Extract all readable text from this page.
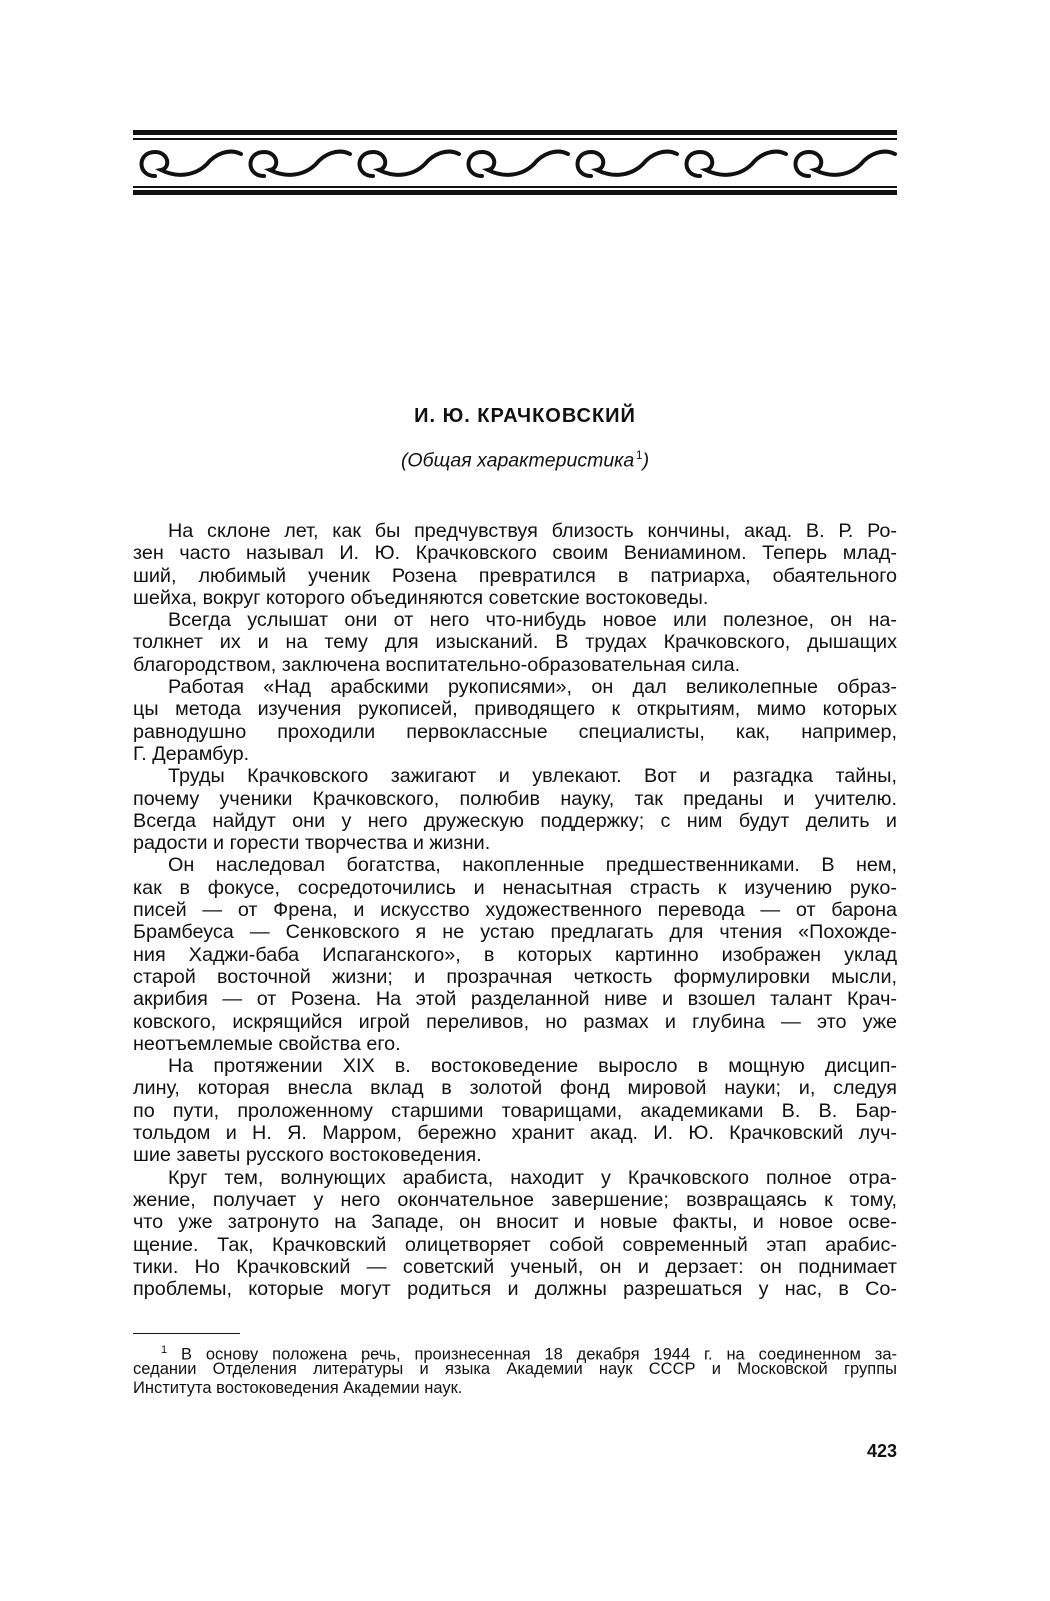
И. Ю. КРАЧКОВСКИЙ
(Общая характеристика  $^1$)
На склоне лет, как бы предчувствуя близость кончины, акад. В. Р. Ро-
зен часто называл И. Ю. Крачковского своим Вениамином. Теперь млад-
ший, любимый ученик Розена превратился в патриарха, обаятельного
шейха, вокруг которого объединяются советские востоковеды.
Всегда услышат они от него что-нибудь новое или полезное, он на-
толкнет их и на тему для изысканий. В трудах Крачковского, дышащих
благородством, заключена воспитательно-образовательная сила.
Работая «Над арабскими рукописями», он дал великолепные образ-
цы метода изучения рукописей, приводящего к открытиям, мимо которых
равнодушно проходили первоклассные специалисты, как, например,
Г. Дерамбур.
Труды Крачковского зажигают и увлекают. Вот и разгадка тайны,
почему ученики Крачковского, полюбив науку, так преданы и учителю.
Всегда найдут они у него дружескую поддержку; с ним будут делить и
радости и горести творчества и жизни.
Он наследовал богатства, накопленные предшественниками. В нем,
как в фокусе, сосредоточились и ненасытная страсть к изучению руко-
писей — от Френа, и искусство художественного перевода — от барона
Брамбеуса — Сенковского я не устаю предлагать для чтения «Похожде-
ния Хаджи-баба Испаганского», в которых картинно изображен уклад
старой восточной жизни; и прозрачная четкость формулировки мысли,
акрибия — от Розена. На этой разделанной ниве и взошел талант Крач-
ковского, искрящийся игрой переливов, но размах и глубина — это уже
неотъемлемые свойства его.
На протяжении XIX в. востоковедение выросло в мощную дисцип-
лину, которая внесла вклад в золотой фонд мировой науки; и, следуя
по пути, проложенному старшими товарищами, академиками В. В. Бар-
тольдом и Н. Я. Марром, бережно хранит акад. И. Ю. Крачковский луч-
шие заветы русского востоковедения.
Круг тем, волнующих арабиста, находит у Крачковского полное отра-
жение, получает у него окончательное завершение; возвращаясь к тому,
что уже затронуто на Западе, он вносит и новые факты, и новое осве-
щение. Так, Крачковский олицетворяет собой современный этап арабис-
тики. Но Крачковский — советский ученый, он и дерзает: он поднимает
проблемы, которые могут родиться и должны разрешаться у нас, в Со-
$^1$ В основу положена речь, произнесенная 18 декабря 1944 г. на соединенном за-
седании Отделения литературы и языка Академии наук СССР и Московской группы
Института востоковедения Академии наук.
423
